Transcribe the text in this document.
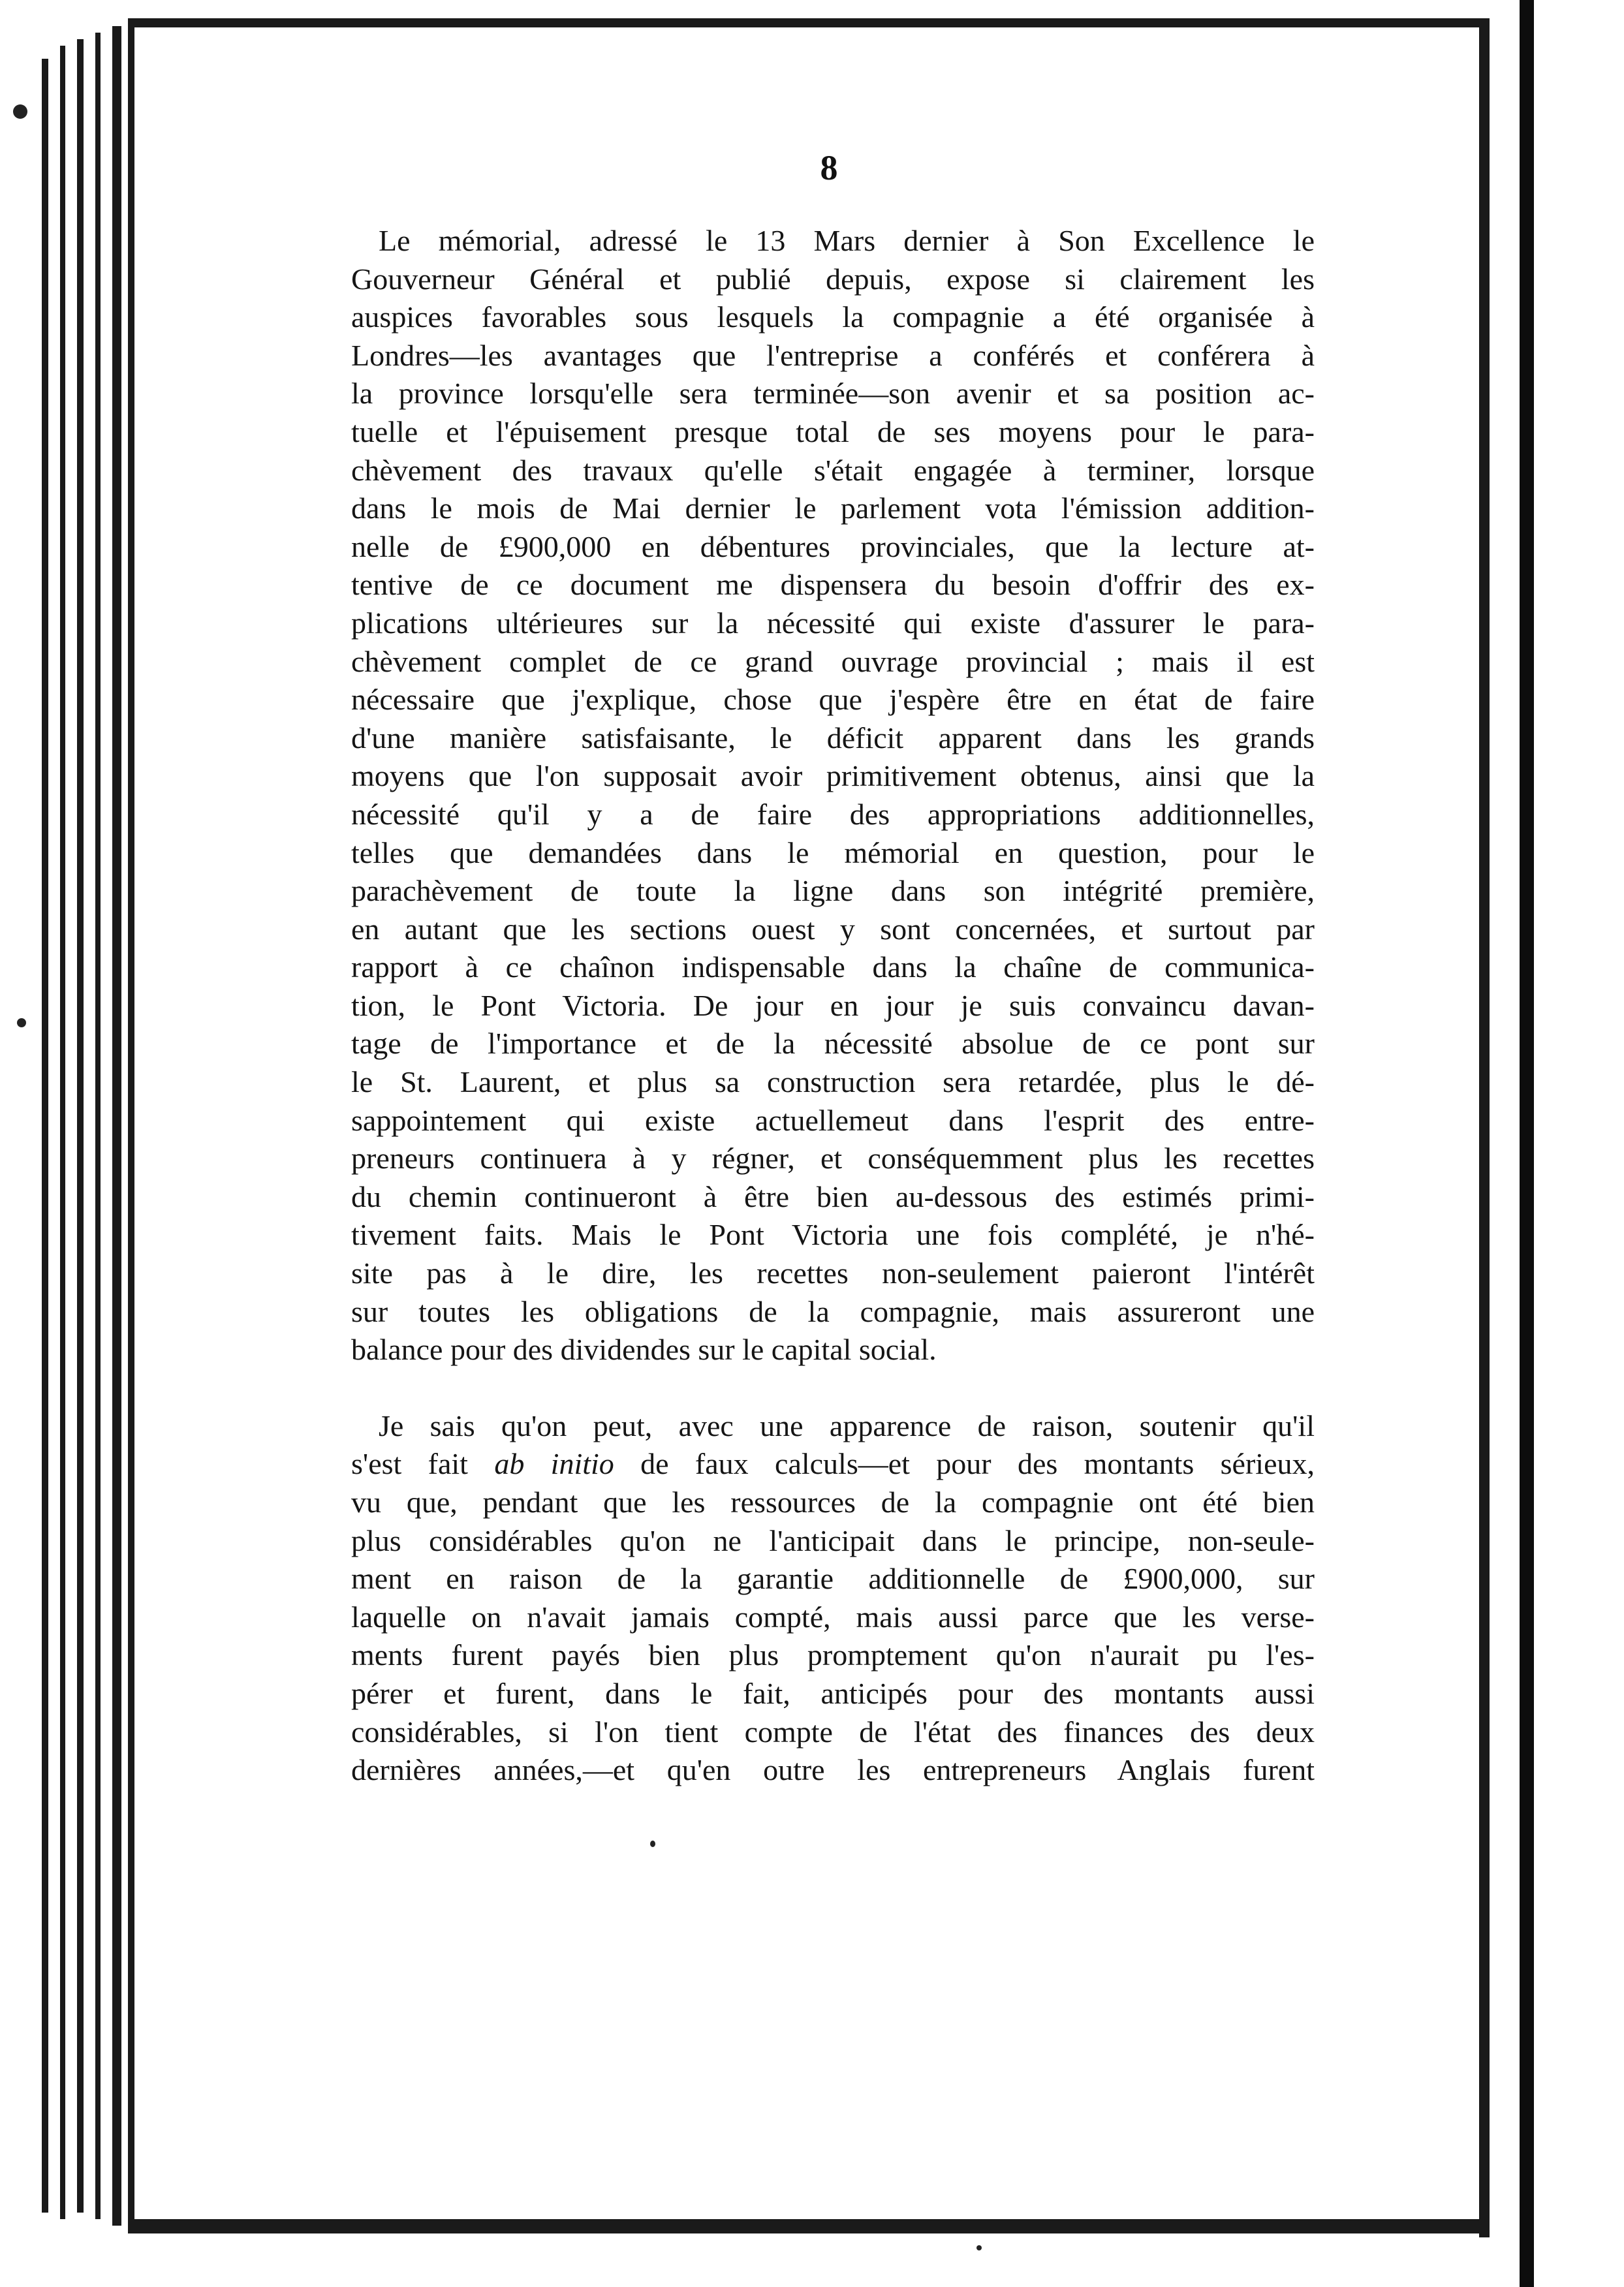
8

Le mémorial, adressé le 13 Mars dernier à Son Excellence le
Gouverneur Général et publié depuis, expose si clairement les
auspices favorables sous lesquels la compagnie a été organisée à
Londres—les avantages que l'entreprise a conférés et conférera à
la province lorsqu'elle sera terminée—son avenir et sa position ac-
tuelle et l'épuisement presque total de ses moyens pour le para-
chèvement des travaux qu'elle s'était engagée à terminer, lorsque
dans le mois de Mai dernier le parlement vota l'émission addition-
nelle de £900,000 en débentures provinciales, que la lecture at-
tentive de ce document me dispensera du besoin d'offrir des ex-
plications ultérieures sur la nécessité qui existe d'assurer le para-
chèvement complet de ce grand ouvrage provincial ; mais il est
nécessaire que j'explique, chose que j'espère être en état de faire
d'une manière satisfaisante, le déficit apparent dans les grands
moyens que l'on supposait avoir primitivement obtenus, ainsi que la
nécessité qu'il y a de faire des appropriations additionnelles,
telles que demandées dans le mémorial en question, pour le
parachèvement de toute la ligne dans son intégrité première,
en autant que les sections ouest y sont concernées, et surtout par
rapport à ce chaînon indispensable dans la chaîne de communica-
tion, le Pont Victoria. De jour en jour je suis convaincu davan-
tage de l'importance et de la nécessité absolue de ce pont sur
le St. Laurent, et plus sa construction sera retardée, plus le dé-
sappointement qui existe actuellemeut dans l'esprit des entre-
preneurs continuera à y régner, et conséquemment plus les recettes
du chemin continueront à être bien au-dessous des estimés primi-
tivement faits. Mais le Pont Victoria une fois complété, je n'hé-
site pas à le dire, les recettes non-seulement paieront l'intérêt
sur toutes les obligations de la compagnie, mais assureront une
balance pour des dividendes sur le capital social.

Je sais qu'on peut, avec une apparence de raison, soutenir qu'il
s'est fait ab initio de faux calculs—et pour des montants sérieux,
vu que, pendant que les ressources de la compagnie ont été bien
plus considérables qu'on ne l'anticipait dans le principe, non-seule-
ment en raison de la garantie additionnelle de £900,000, sur
laquelle on n'avait jamais compté, mais aussi parce que les verse-
ments furent payés bien plus promptement qu'on n'aurait pu l'es-
pérer et furent, dans le fait, anticipés pour des montants aussi
considérables, si l'on tient compte de l'état des finances des deux
dernières années,—et qu'en outre les entrepreneurs Anglais furent
